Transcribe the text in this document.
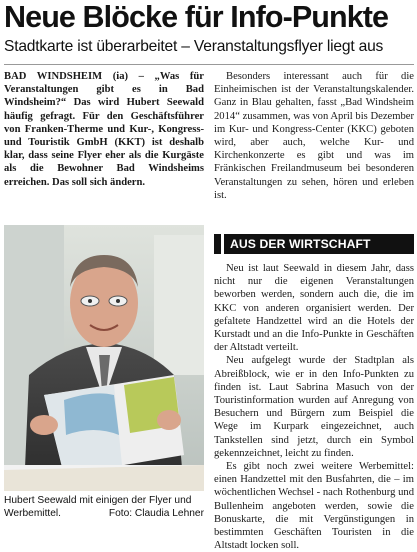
Neue Blöcke für Info-Punkte
Stadtkarte ist überarbeitet – Veranstaltungsflyer liegt aus

BAD WINDSHEIM (ia) – „Was für Veranstaltungen gibt es in Bad Windsheim?“ Das wird Hubert Seewald häufig gefragt. Für den Geschäftsführer von Franken-Therme und Kur-, Kongress- und Touristik GmbH (KKT) ist deshalb klar, dass seine Flyer eher als die Kurgäste als die Bewohner Bad Windsheims erreichen. Das soll sich ändern.

Hubert Seewald mit einigen der Flyer und Werbemittel.	Foto: Claudia Lehner

Besonders interessant auch für die Einheimischen ist der Veranstaltungskalender. Ganz in Blau gehalten, fasst „Bad Windsheim 2014“ zusammen, was von April bis Dezember im Kur- und Kongress-Center (KKC) geboten wird, aber auch, welche Kur- und Kirchenkonzerte es gibt und was im Fränkischen Freilandmuseum bei besonderen Veranstaltungen zu sehen, hören und erleben ist.

AUS DER WIRTSCHAFT

Neu ist laut Seewald in diesem Jahr, dass nicht nur die eigenen Veranstaltungen beworben werden, sondern auch die, die im KKC von anderen organisiert werden. Der gefaltete Handzettel wird an die Hotels der Kurstadt und an die Info-Punkte in Geschäften der Altstadt verteilt.

Neu aufgelegt wurde der Stadtplan als Abreißblock, wie er in den Info-Punkten zu finden ist. Laut Sabrina Masuch von der Touristinformation wurden auf Anregung von Besuchern und Bürgern zum Beispiel die Wege im Kurpark eingezeichnet, auch Tankstellen sind jetzt, durch ein Symbol gekennzeichnet, leicht zu finden.

Es gibt noch zwei weitere Werbemittel: einen Handzettel mit den Busfahrten, die – im wöchentlichen Wechsel - nach Rothenburg und Bullenheim angeboten werden, sowie die Bonuskarte, die mit Vergünstigungen in bestimmten Geschäften Touristen in die Altstadt locken soll.
